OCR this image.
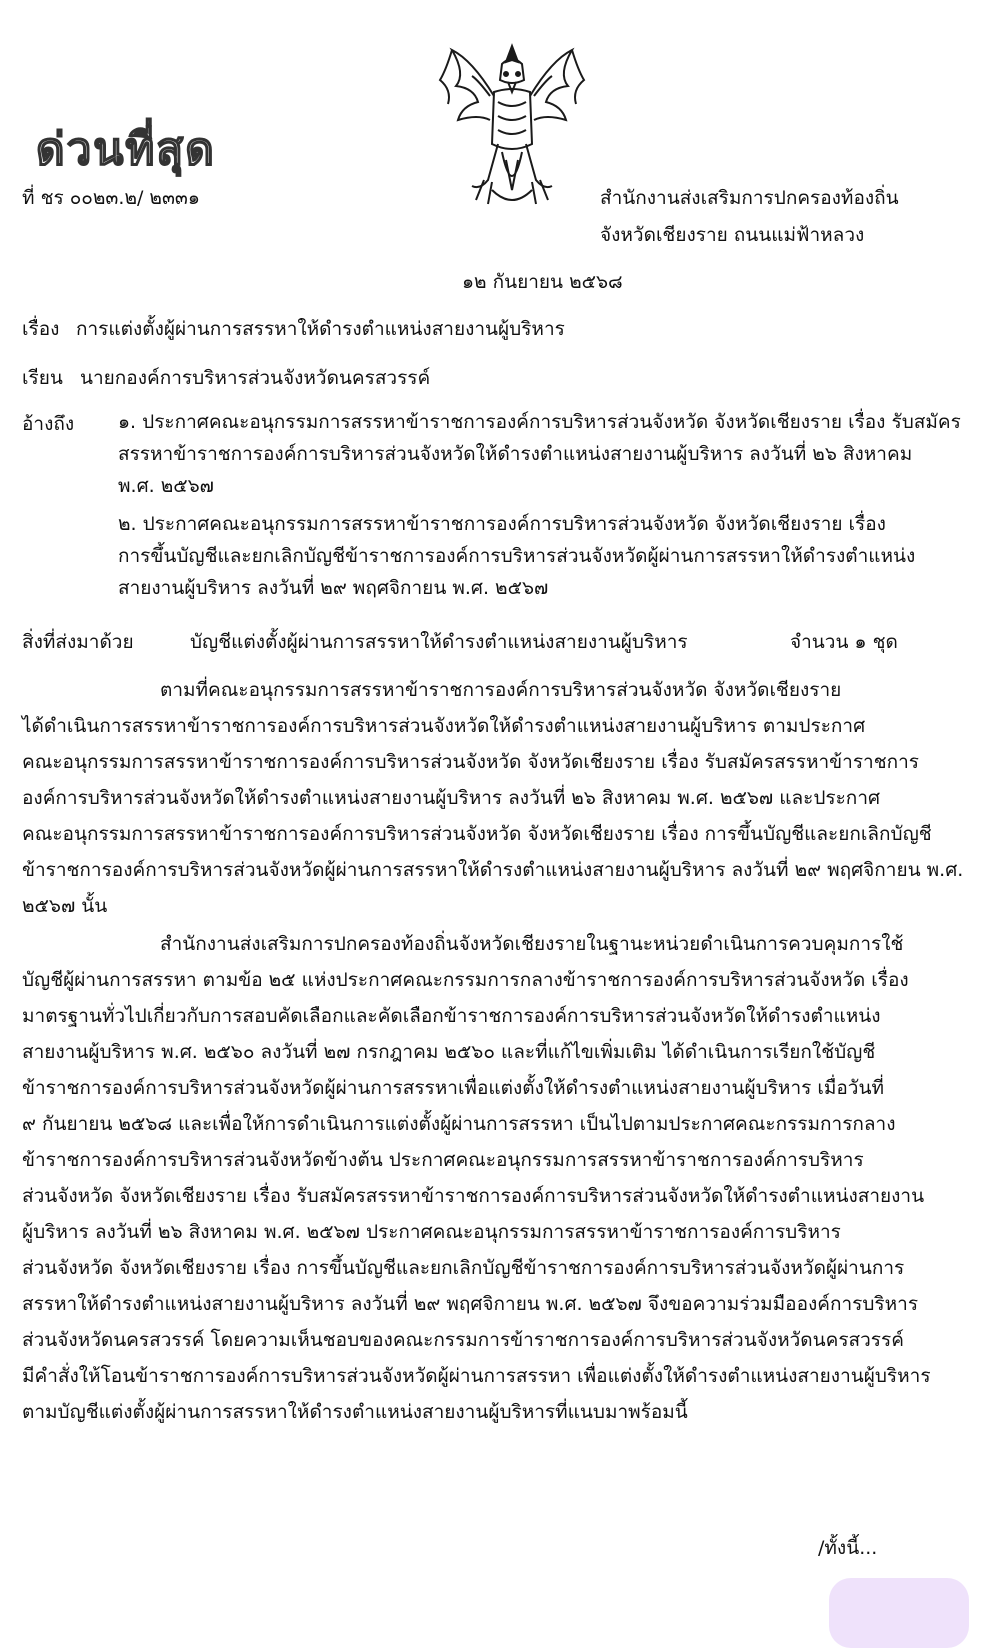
ด่วนที่สุด
ที่ ชร ๐๐๒๓.๒/ ๒๓๓๑	สำนักงานส่งเสริมการปกครองท้องถิ่น
จังหวัดเชียงราย ถนนแม่ฟ้าหลวง
๑๒ กันยายน ๒๕๖๘
เรื่อง การแต่งตั้งผู้ผ่านการสรรหาให้ดำรงตำแหน่งสายงานผู้บริหาร
เรียน นายกองค์การบริหารส่วนจังหวัดนครสวรรค์
อ้างถึง ๑. ประกาศคณะอนุกรรมการสรรหาข้าราชการองค์การบริหารส่วนจังหวัด จังหวัดเชียงราย เรื่อง รับสมัคร
สรรหาข้าราชการองค์การบริหารส่วนจังหวัดให้ดำรงตำแหน่งสายงานผู้บริหาร ลงวันที่ ๒๖ สิงหาคม
พ.ศ. ๒๕๖๗
๒. ประกาศคณะอนุกรรมการสรรหาข้าราชการองค์การบริหารส่วนจังหวัด จังหวัดเชียงราย เรื่อง
การขึ้นบัญชีและยกเลิกบัญชีข้าราชการองค์การบริหารส่วนจังหวัดผู้ผ่านการสรรหาให้ดำรงตำแหน่ง
สายงานผู้บริหาร ลงวันที่ ๒๙ พฤศจิกายน พ.ศ. ๒๕๖๗
สิ่งที่ส่งมาด้วย	บัญชีแต่งตั้งผู้ผ่านการสรรหาให้ดำรงตำแหน่งสายงานผู้บริหาร	จำนวน ๑ ชุด
ตามที่คณะอนุกรรมการสรรหาข้าราชการองค์การบริหารส่วนจังหวัด จังหวัดเชียงราย
ได้ดำเนินการสรรหาข้าราชการองค์การบริหารส่วนจังหวัดให้ดำรงตำแหน่งสายงานผู้บริหาร ตามประกาศ
คณะอนุกรรมการสรรหาข้าราชการองค์การบริหารส่วนจังหวัด จังหวัดเชียงราย เรื่อง รับสมัครสรรหาข้าราชการ
องค์การบริหารส่วนจังหวัดให้ดำรงตำแหน่งสายงานผู้บริหาร ลงวันที่ ๒๖ สิงหาคม พ.ศ. ๒๕๖๗ และประกาศ
คณะอนุกรรมการสรรหาข้าราชการองค์การบริหารส่วนจังหวัด จังหวัดเชียงราย เรื่อง การขึ้นบัญชีและยกเลิกบัญชี
ข้าราชการองค์การบริหารส่วนจังหวัดผู้ผ่านการสรรหาให้ดำรงตำแหน่งสายงานผู้บริหาร ลงวันที่ ๒๙ พฤศจิกายน พ.ศ.
๒๕๖๗ นั้น
สำนักงานส่งเสริมการปกครองท้องถิ่นจังหวัดเชียงรายในฐานะหน่วยดำเนินการควบคุมการใช้
บัญชีผู้ผ่านการสรรหา ตามข้อ ๒๕ แห่งประกาศคณะกรรมการกลางข้าราชการองค์การบริหารส่วนจังหวัด เรื่อง
มาตรฐานทั่วไปเกี่ยวกับการสอบคัดเลือกและคัดเลือกข้าราชการองค์การบริหารส่วนจังหวัดให้ดำรงตำแหน่ง
สายงานผู้บริหาร พ.ศ. ๒๕๖๐ ลงวันที่ ๒๗ กรกฎาคม ๒๕๖๐ และที่แก้ไขเพิ่มเติม ได้ดำเนินการเรียกใช้บัญชี
ข้าราชการองค์การบริหารส่วนจังหวัดผู้ผ่านการสรรหาเพื่อแต่งตั้งให้ดำรงตำแหน่งสายงานผู้บริหาร เมื่อวันที่
๙ กันยายน ๒๕๖๘ และเพื่อให้การดำเนินการแต่งตั้งผู้ผ่านการสรรหา เป็นไปตามประกาศคณะกรรมการกลาง
ข้าราชการองค์การบริหารส่วนจังหวัดข้างต้น ประกาศคณะอนุกรรมการสรรหาข้าราชการองค์การบริหาร
ส่วนจังหวัด จังหวัดเชียงราย เรื่อง รับสมัครสรรหาข้าราชการองค์การบริหารส่วนจังหวัดให้ดำรงตำแหน่งสายงาน
ผู้บริหาร ลงวันที่ ๒๖ สิงหาคม พ.ศ. ๒๕๖๗ ประกาศคณะอนุกรรมการสรรหาข้าราชการองค์การบริหาร
ส่วนจังหวัด จังหวัดเชียงราย เรื่อง การขึ้นบัญชีและยกเลิกบัญชีข้าราชการองค์การบริหารส่วนจังหวัดผู้ผ่านการ
สรรหาให้ดำรงตำแหน่งสายงานผู้บริหาร ลงวันที่ ๒๙ พฤศจิกายน พ.ศ. ๒๕๖๗ จึงขอความร่วมมือองค์การบริหาร
ส่วนจังหวัดนครสวรรค์ โดยความเห็นชอบของคณะกรรมการข้าราชการองค์การบริหารส่วนจังหวัดนครสวรรค์
มีคำสั่งให้โอนข้าราชการองค์การบริหารส่วนจังหวัดผู้ผ่านการสรรหา เพื่อแต่งตั้งให้ดำรงตำแหน่งสายงานผู้บริหาร
ตามบัญชีแต่งตั้งผู้ผ่านการสรรหาให้ดำรงตำแหน่งสายงานผู้บริหารที่แนบมาพร้อมนี้
/ทั้งนี้...
